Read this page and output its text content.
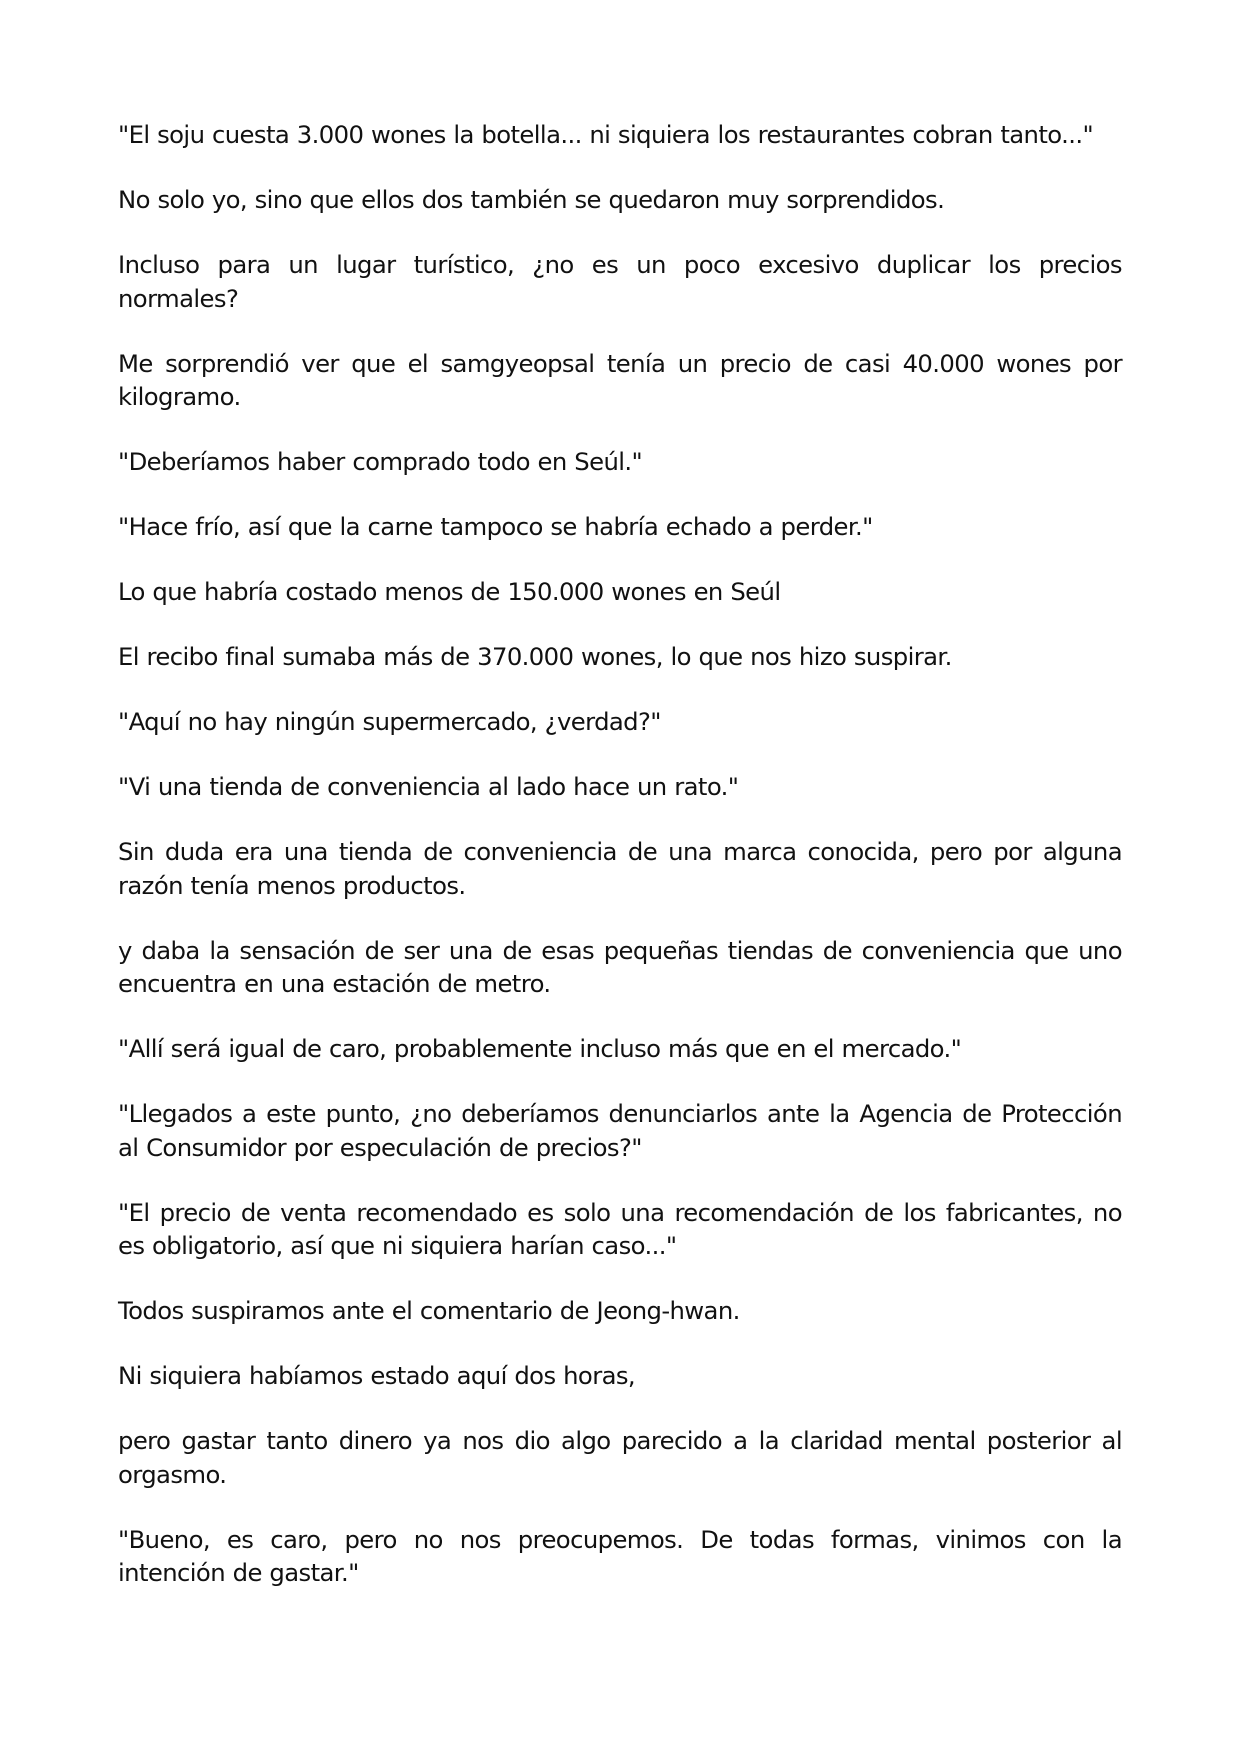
"El soju cuesta 3.000 wones la botella... ni siquiera los restaurantes cobran tanto..."

No solo yo, sino que ellos dos también se quedaron muy sorprendidos.

Incluso para un lugar turístico, ¿no es un poco excesivo duplicar los precios normales?

Me sorprendió ver que el samgyeopsal tenía un precio de casi 40.000 wones por kilogramo.

"Deberíamos haber comprado todo en Seúl."

"Hace frío, así que la carne tampoco se habría echado a perder."

Lo que habría costado menos de 150.000 wones en Seúl

El recibo final sumaba más de 370.000 wones, lo que nos hizo suspirar.

"Aquí no hay ningún supermercado, ¿verdad?"

"Vi una tienda de conveniencia al lado hace un rato."

Sin duda era una tienda de conveniencia de una marca conocida, pero por alguna razón tenía menos productos.

y daba la sensación de ser una de esas pequeñas tiendas de conveniencia que uno encuentra en una estación de metro.

"Allí será igual de caro, probablemente incluso más que en el mercado."

"Llegados a este punto, ¿no deberíamos denunciarlos ante la Agencia de Protección al Consumidor por especulación de precios?"

"El precio de venta recomendado es solo una recomendación de los fabricantes, no es obligatorio, así que ni siquiera harían caso..."

Todos suspiramos ante el comentario de Jeong-hwan.

Ni siquiera habíamos estado aquí dos horas,

pero gastar tanto dinero ya nos dio algo parecido a la claridad mental posterior al orgasmo.

"Bueno, es caro, pero no nos preocupemos. De todas formas, vinimos con la intención de gastar."
